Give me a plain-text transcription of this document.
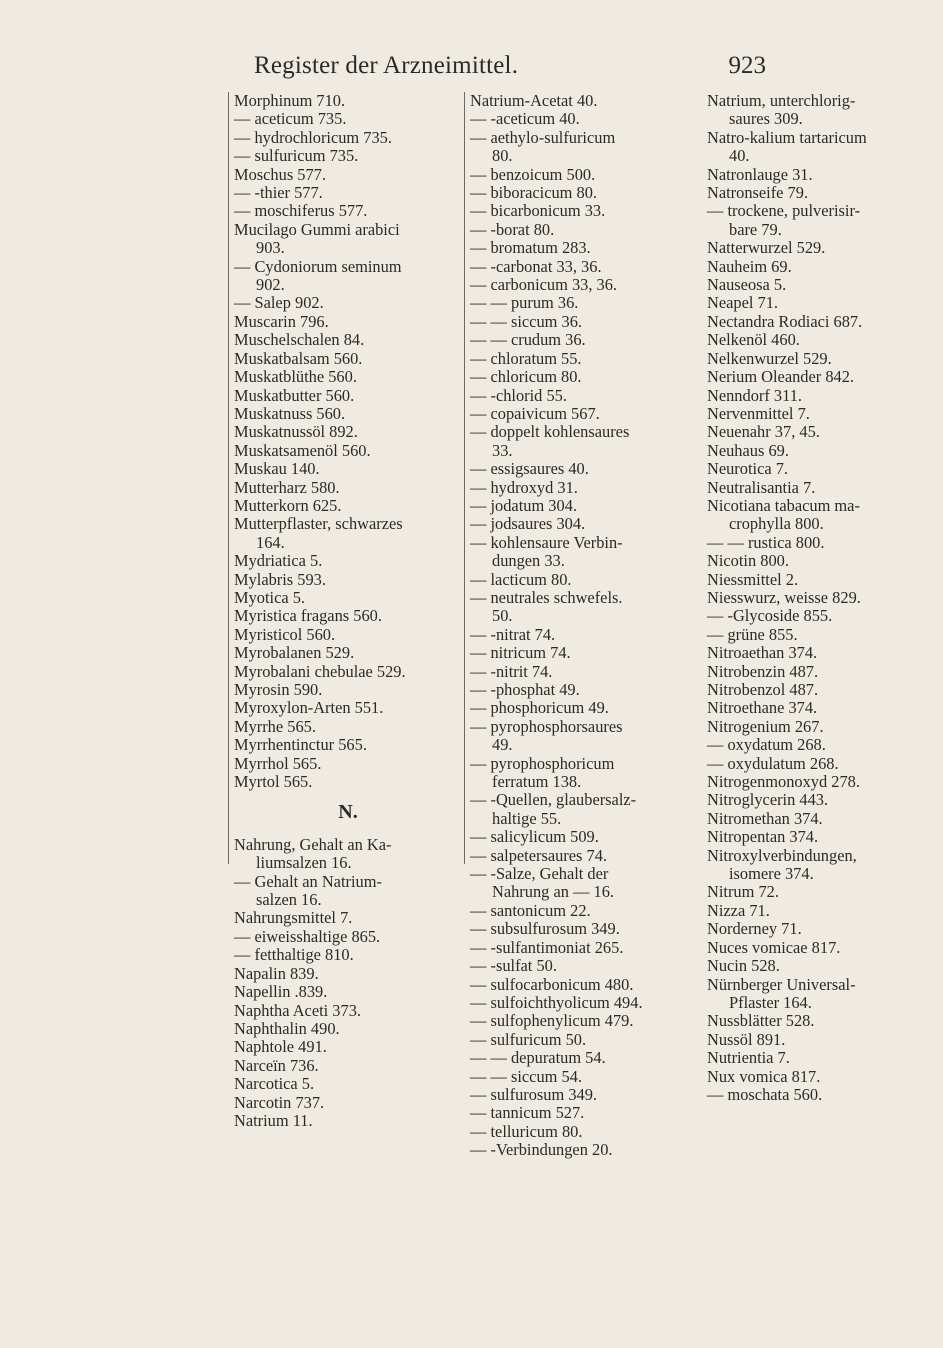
Register der Arzneimittel.	923
Morphinum 710.
— aceticum 735.
— hydrochloricum 735.
— sulfuricum 735.
Moschus 577.
— -thier 577.
— moschiferus 577.
Mucilago Gummi arabici
903.
— Cydoniorum seminum
902.
— Salep 902.
Muscarin 796.
Muschelschalen 84.
Muskatbalsam 560.
Muskatblüthe 560.
Muskatbutter 560.
Muskatnuss 560.
Muskatnussöl 892.
Muskatsamenöl 560.
Muskau 140.
Mutterharz 580.
Mutterkorn 625.
Mutterpflaster, schwarzes
164.
Mydriatica 5.
Mylabris 593.
Myotica 5.
Myristica fragans 560.
Myristicol 560.
Myrobalanen 529.
Myrobalani chebulae 529.
Myrosin 590.
Myroxylon-Arten 551.
Myrrhe 565.
Myrrhentinctur 565.
Myrrhol 565.
Myrtol 565.
N.
Nahrung, Gehalt an Ka-
liumsalzen 16.
— Gehalt an Natrium-
salzen 16.
Nahrungsmittel 7.
— eiweisshaltige 865.
— fetthaltige 810.
Napalin 839.
Napellin .839.
Naphtha Aceti 373.
Naphthalin 490.
Naphtole 491.
Narceïn 736.
Narcotica 5.
Narcotin 737.
Natrium 11.
Natrium-Acetat 40.
— -aceticum 40.
— aethylo-sulfuricum
80.
— benzoicum 500.
— biboracicum 80.
— bicarbonicum 33.
— -borat 80.
— bromatum 283.
— -carbonat 33, 36.
— carbonicum 33, 36.
— — purum 36.
— — siccum 36.
— — crudum 36.
— chloratum 55.
— chloricum 80.
— -chlorid 55.
— copaivicum 567.
— doppelt kohlensaures
33.
— essigsaures 40.
— hydroxyd 31.
— jodatum 304.
— jodsaures 304.
— kohlensaure Verbin-
dungen 33.
— lacticum 80.
— neutrales schwefels.
50.
— -nitrat 74.
— nitricum 74.
— -nitrit 74.
— -phosphat 49.
— phosphoricum 49.
— pyrophosphorsaures
49.
— pyrophosphoricum
ferratum 138.
— -Quellen, glaubersalz-
haltige 55.
— salicylicum 509.
— salpetersaures 74.
— -Salze, Gehalt der
Nahrung an — 16.
— santonicum 22.
— subsulfurosum 349.
— -sulfantimoniat 265.
— -sulfat 50.
— sulfocarbonicum 480.
— sulfoichthyolicum 494.
— sulfophenylicum 479.
— sulfuricum 50.
— — depuratum 54.
— — siccum 54.
— sulfurosum 349.
— tannicum 527.
— telluricum 80.
— -Verbindungen 20.
Natrium, unterchlorig-
saures 309.
Natro-kalium tartaricum
40.
Natronlauge 31.
Natronseife 79.
— trockene, pulverisir-
bare 79.
Natterwurzel 529.
Nauheim 69.
Nauseosa 5.
Neapel 71.
Nectandra Rodiaci 687.
Nelkenöl 460.
Nelkenwurzel 529.
Nerium Oleander 842.
Nenndorf 311.
Nervenmittel 7.
Neuenahr 37, 45.
Neuhaus 69.
Neurotica 7.
Neutralisantia 7.
Nicotiana tabacum ma-
crophylla 800.
— — rustica 800.
Nicotin 800.
Niessmittel 2.
Niesswurz, weisse 829.
— -Glycoside 855.
— grüne 855.
Nitroaethan 374.
Nitrobenzin 487.
Nitrobenzol 487.
Nitroethane 374.
Nitrogenium 267.
— oxydatum 268.
— oxydulatum 268.
Nitrogenmonoxyd 278.
Nitroglycerin 443.
Nitromethan 374.
Nitropentan 374.
Nitroxylverbindungen,
isomere 374.
Nitrum 72.
Nizza 71.
Norderney 71.
Nuces vomicae 817.
Nucin 528.
Nürnberger Universal-
Pflaster 164.
Nussblätter 528.
Nussöl 891.
Nutrientia 7.
Nux vomica 817.
— moschata 560.
